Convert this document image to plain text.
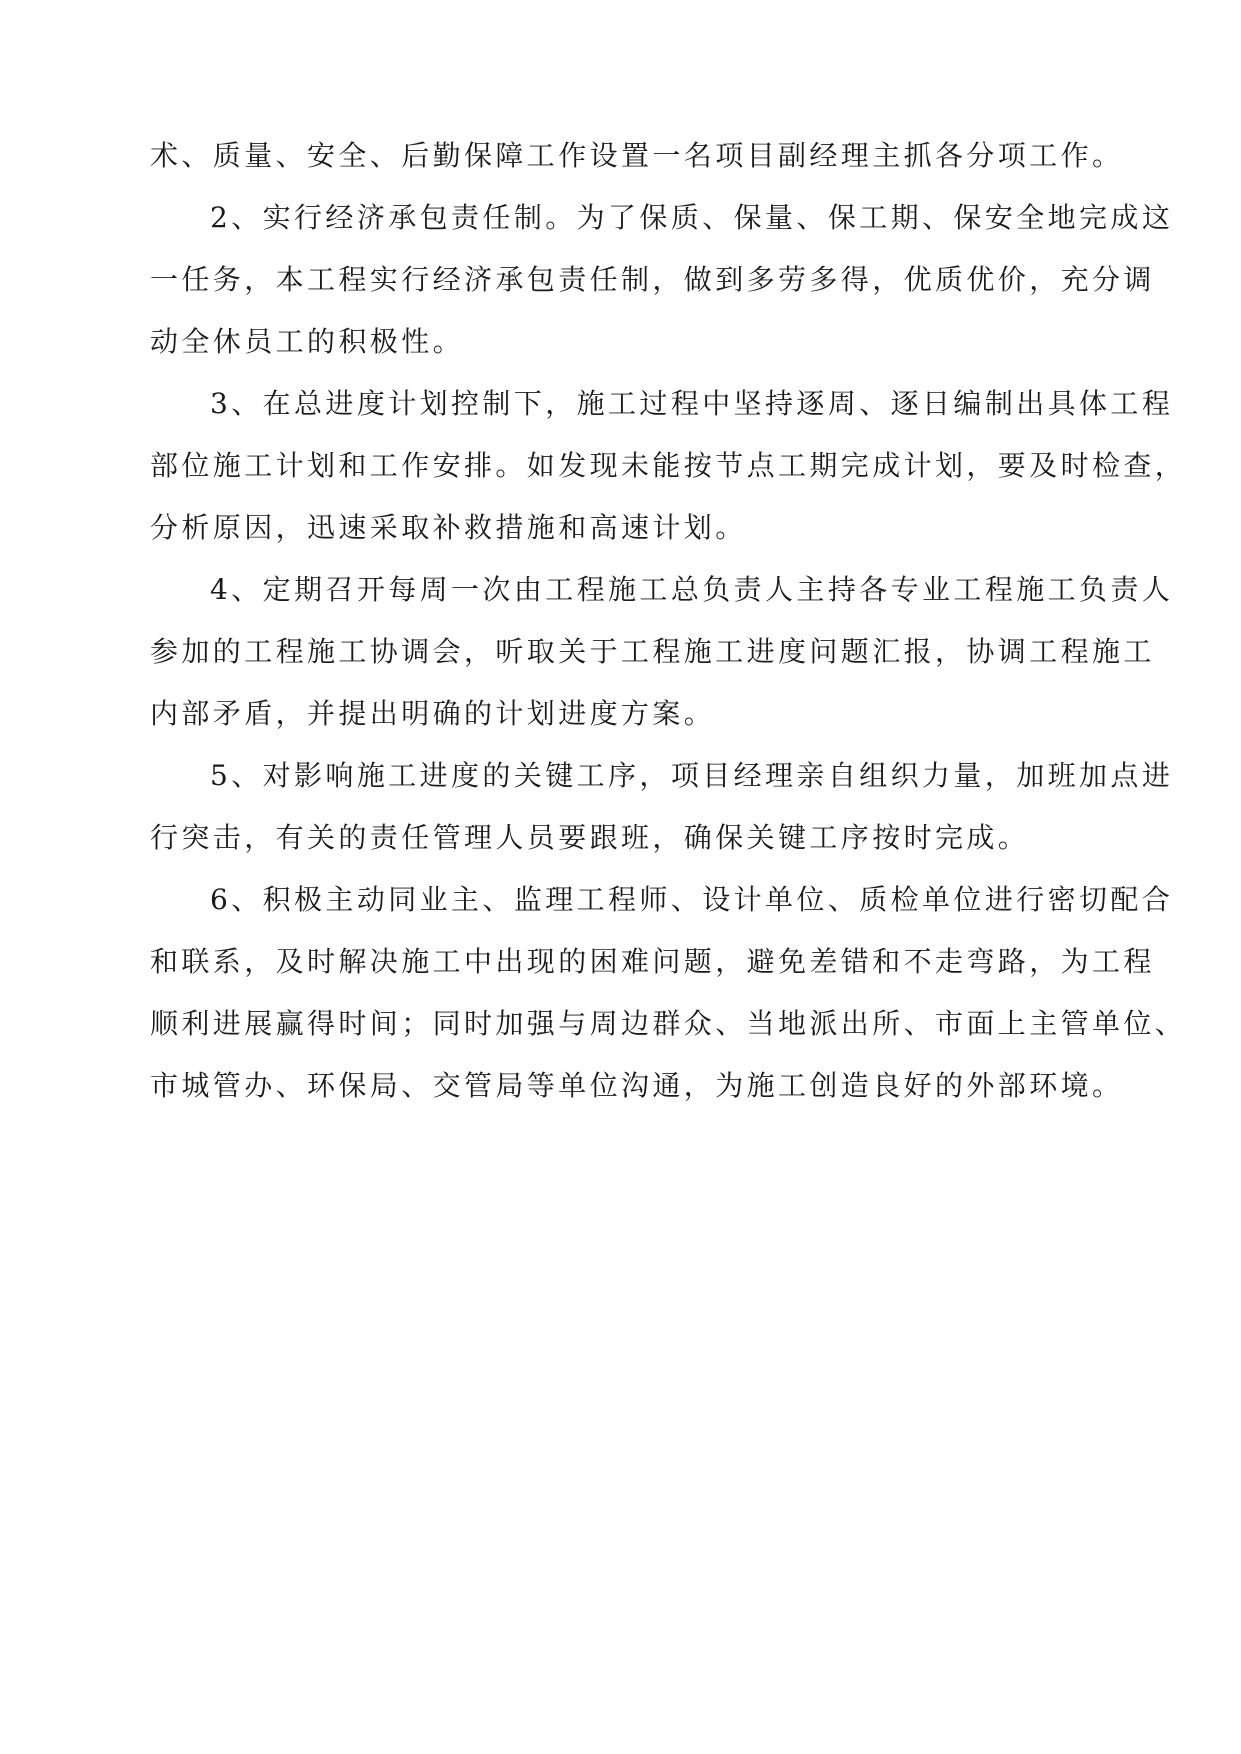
术、质量、安全、后勤保障工作设置一名项目副经理主抓各分项工作。
2、实行经济承包责任制。为了保质、保量、保工期、保安全地完成这
一任务，本工程实行经济承包责任制，做到多劳多得，优质优价，充分调
动全休员工的积极性。
3、在总进度计划控制下，施工过程中坚持逐周、逐日编制出具体工程
部位施工计划和工作安排。如发现未能按节点工期完成计划，要及时检查，
分析原因，迅速采取补救措施和高速计划。
4、定期召开每周一次由工程施工总负责人主持各专业工程施工负责人
参加的工程施工协调会，听取关于工程施工进度问题汇报，协调工程施工
内部矛盾，并提出明确的计划进度方案。
5、对影响施工进度的关键工序，项目经理亲自组织力量，加班加点进
行突击，有关的责任管理人员要跟班，确保关键工序按时完成。
6、积极主动同业主、监理工程师、设计单位、质检单位进行密切配合
和联系，及时解决施工中出现的困难问题，避免差错和不走弯路，为工程
顺利进展赢得时间；同时加强与周边群众、当地派出所、市面上主管单位、
市城管办、环保局、交管局等单位沟通，为施工创造良好的外部环境。
